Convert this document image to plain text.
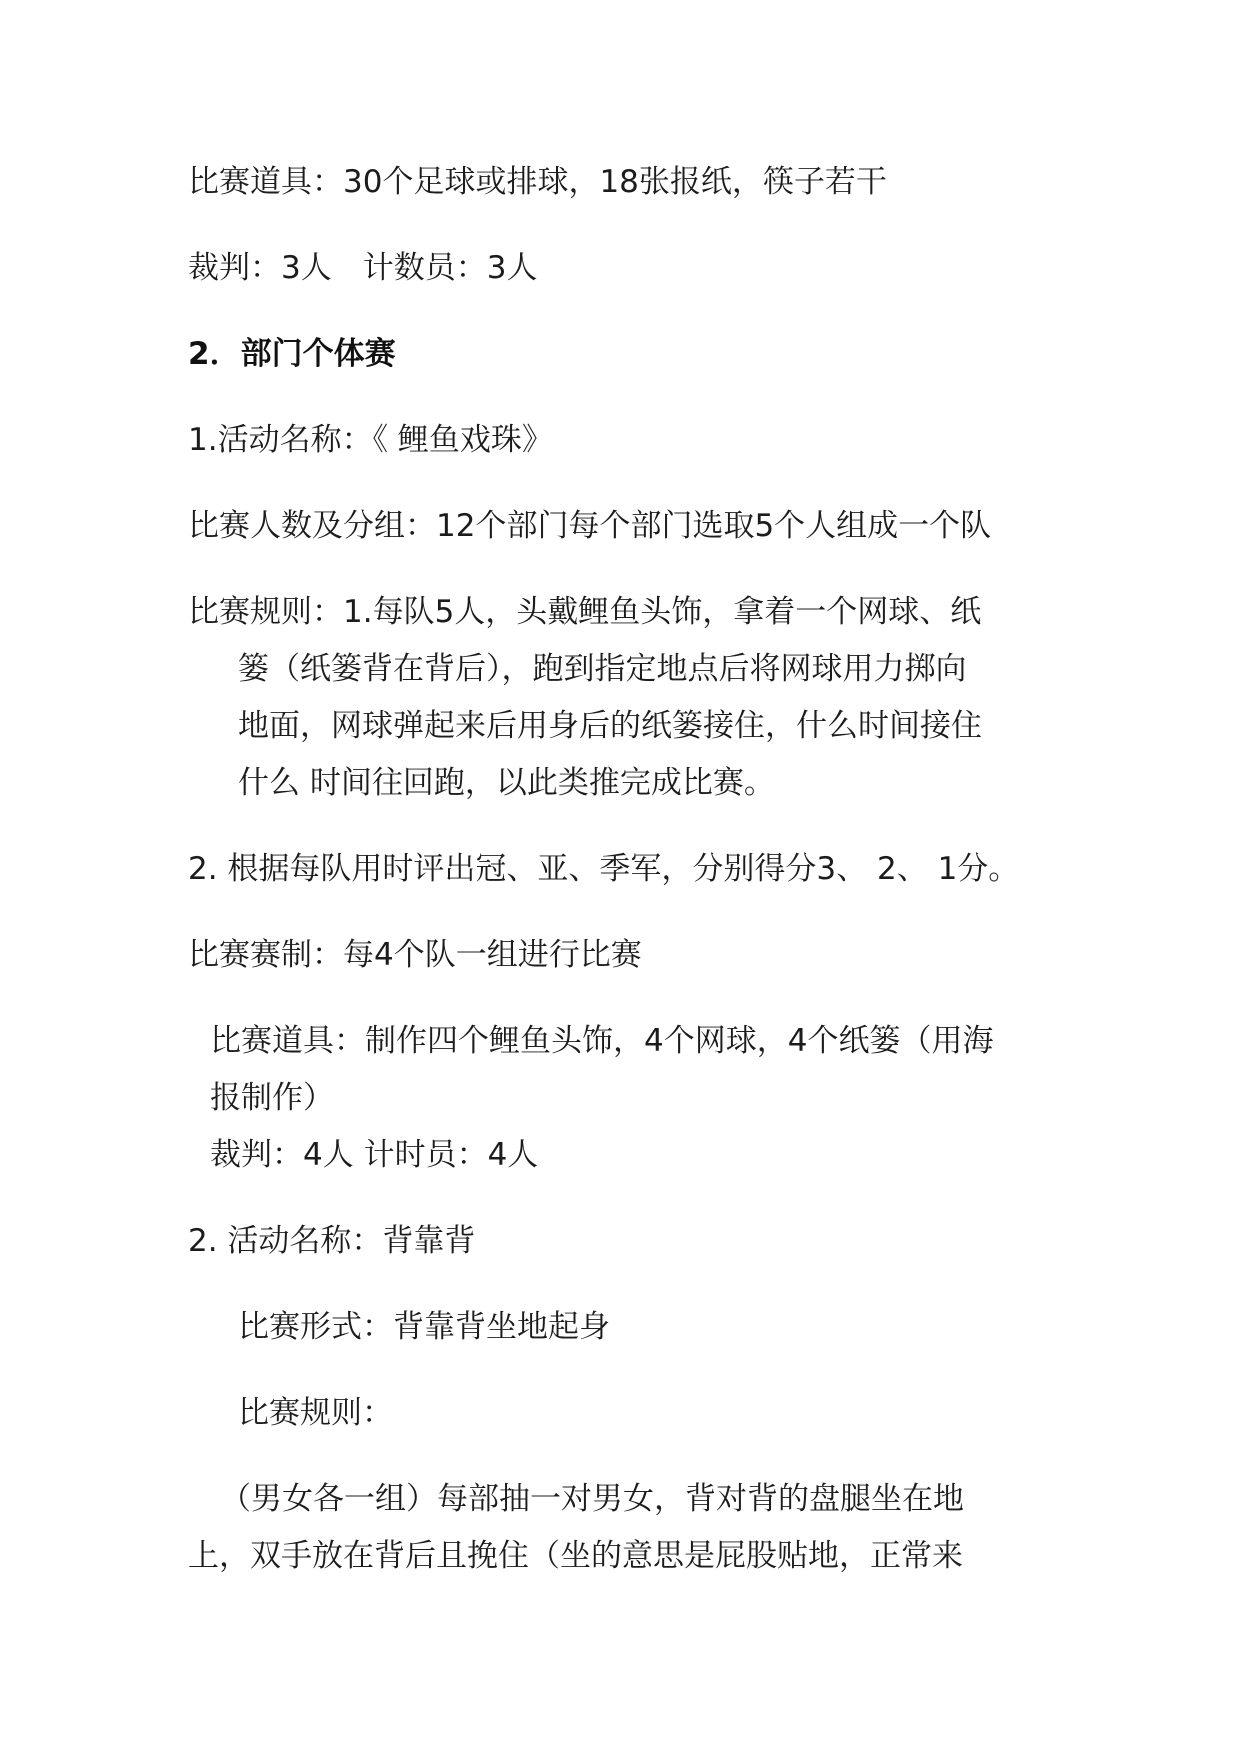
比赛道具：30个足球或排球，18张报纸，筷子若干
裁判：3人　计数员：3人
2．部门个体赛
1.活动名称：《 鲤鱼戏珠》
比赛人数及分组：12个部门每个部门选取5个人组成一个队
比赛规则：1.每队5人，头戴鲤鱼头饰，拿着一个网球、纸
篓（纸篓背在背后），跑到指定地点后将网球用力掷向
地面，网球弹起来后用身后的纸篓接住，什么时间接住
什么 时间往回跑，以此类推完成比赛。
2. 根据每队用时评出冠、亚、季军，分别得分3、 2、 1分。
比赛赛制：每4个队一组进行比赛
比赛道具：制作四个鲤鱼头饰，4个网球，4个纸篓（用海
报制作）
裁判：4人 计时员：4人
2. 活动名称：背靠背
比赛形式：背靠背坐地起身
比赛规则：
（男女各一组）每部抽一对男女，背对背的盘腿坐在地
上，双手放在背后且挽住（坐的意思是屁股贴地，正常来
